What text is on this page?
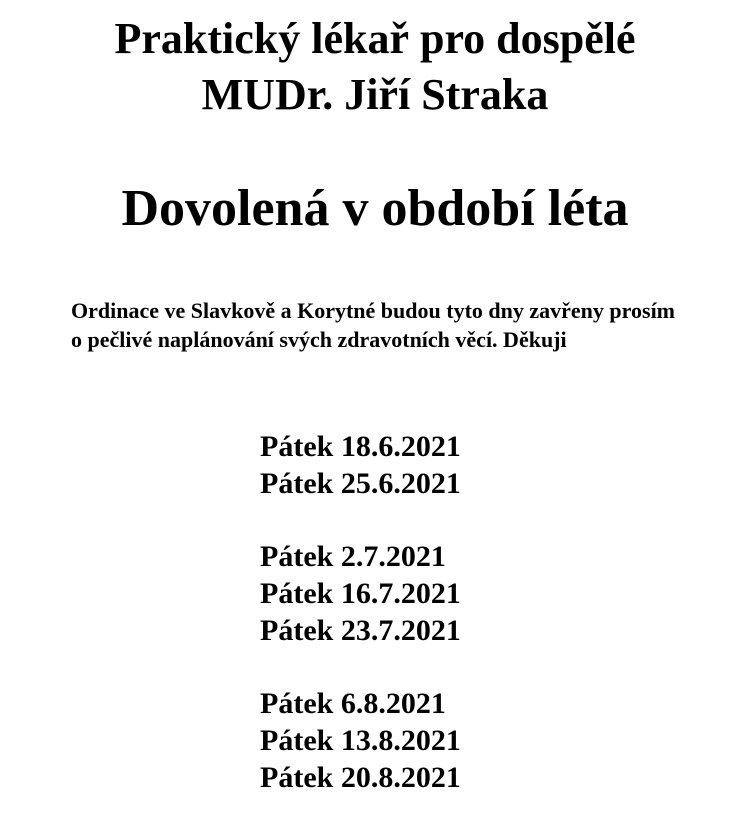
Praktický lékař pro dospělé
MUDr. Jiří Straka
Dovolená v období léta
Ordinace ve Slavkově a Korytné budou tyto dny zavřeny prosím o pečlivé naplánování svých zdravotních věcí. Děkuji
Pátek 18.6.2021
Pátek 25.6.2021
Pátek 2.7.2021
Pátek 16.7.2021
Pátek 23.7.2021
Pátek 6.8.2021
Pátek 13.8.2021
Pátek 20.8.2021
